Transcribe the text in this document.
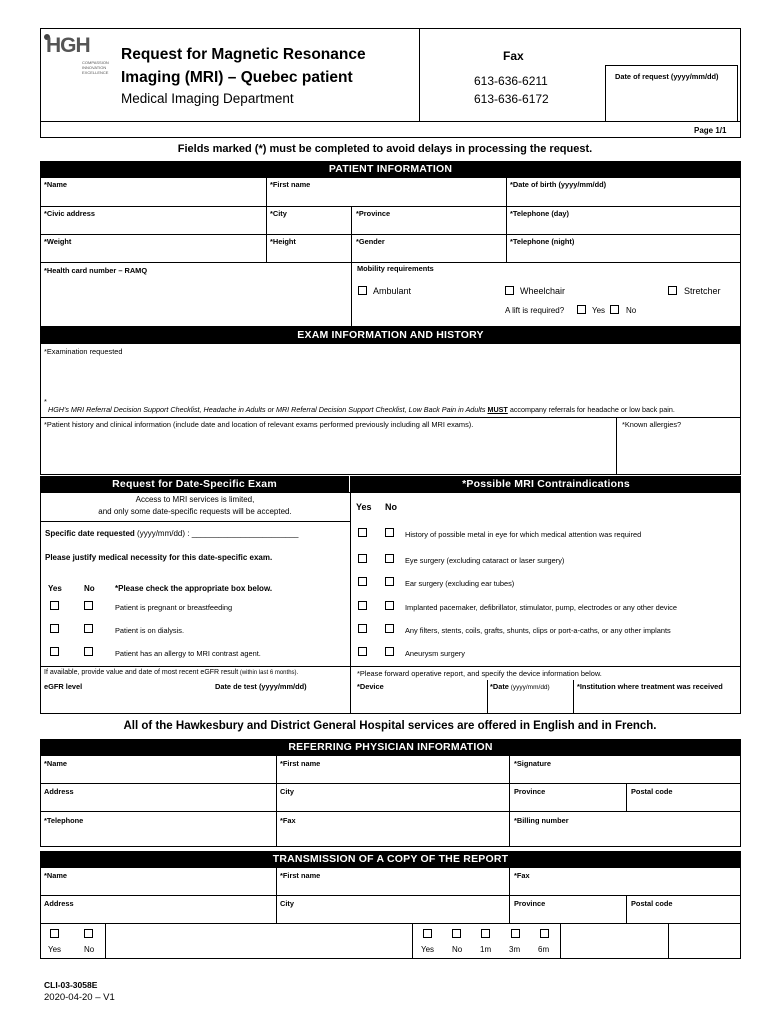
HGH
COMPASSION
INNOVATION
EXCELLENCE
Request for Magnetic Resonance
Imaging (MRI) – Quebec patient
Medical Imaging Department
Fax
613-636-6211
613-636-6172
Date of request (yyyy/mm/dd)
Page 1/1
Fields marked (*) must be completed to avoid delays in processing the request.
PATIENT INFORMATION
*Name	*First name	*Date of birth (yyyy/mm/dd)
*Civic address	*City	*Province	*Telephone (day)
*Weight	*Height	*Gender	*Telephone (night)
*Health card number – RAMQ	Mobility requirements
Ambulant	Wheelchair	Stretcher
A lift is required?	Yes	No
EXAM INFORMATION AND HISTORY
*Examination requested
*
HGH's MRI Referral Decision Support Checklist, Headache in Adults or MRI Referral Decision Support Checklist, Low Back Pain in Adults MUST accompany referrals for headache or low back pain.
*Patient history and clinical information (include date and location of relevant exams performed previously including all MRI exams).	*Known allergies?
Request for Date-Specific Exam	*Possible MRI Contraindications
Access to MRI services is limited,
and only some date-specific requests will be accepted.
Specific date requested (yyyy/mm/dd) : ________________________
Please justify medical necessity for this date-specific exam.
Yes	No	*Please check the appropriate box below.
Patient is pregnant or breastfeeding
Patient is on dialysis.
Patient has an allergy to MRI contrast agent.
Yes No
History of possible metal in eye for which medical attention was required
Eye surgery (excluding cataract or laser surgery)
Ear surgery (excluding ear tubes)
Implanted pacemaker, defibrillator, stimulator, pump, electrodes or any other device
Any filters, stents, coils, grafts, shunts, clips or port-a-caths, or any other implants
Aneurysm surgery
If available, provide value and date of most recent eGFR result (within last 6 months).
eGFR level	Date de test (yyyy/mm/dd)
*Please forward operative report, and specify the device information below.
*Device	*Date (yyyy/mm/dd)	*Institution where treatment was received
All of the Hawkesbury and District General Hospital services are offered in English and in French.
REFERRING PHYSICIAN INFORMATION
*Name	*First name	*Signature
Address	City	Province	Postal code
*Telephone	*Fax	*Billing number
TRANSMISSION OF A COPY OF THE REPORT
*Name	*First name	*Fax
Address	City	Province	Postal code
Yes	No	Yes No 1m 3m 6m
CLI-03-3058E
2020-04-20 – V1
